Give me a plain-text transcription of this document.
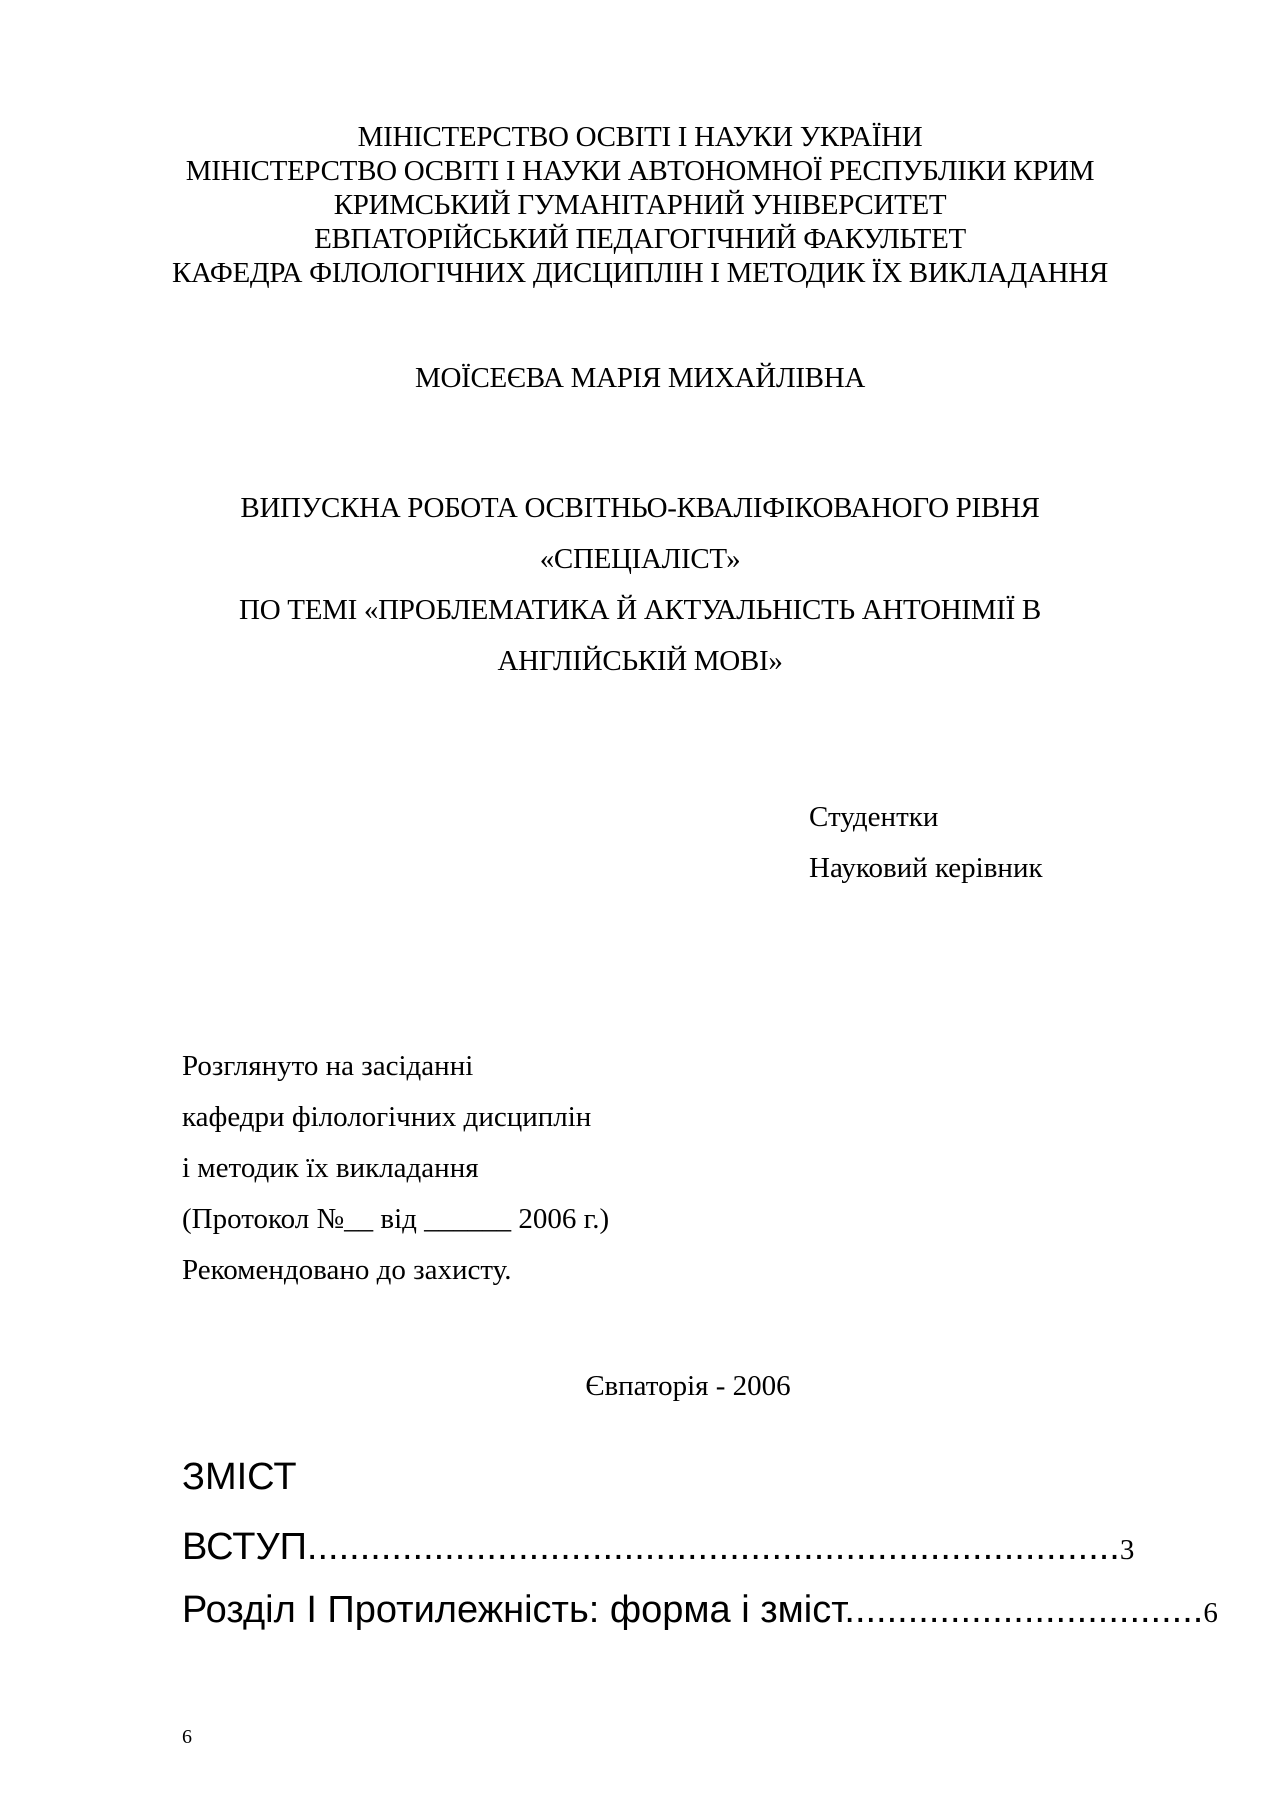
МІНІСТЕРСТВО ОСВІТІ І НАУКИ УКРАЇНИ
МІНІСТЕРСТВО ОСВІТІ І НАУКИ АВТОНОМНОЇ РЕСПУБЛІКИ КРИМ
КРИМСЬКИЙ ГУМАНІТАРНИЙ УНІВЕРСИТЕТ
ЕВПАТОРІЙСЬКИЙ ПЕДАГОГІЧНИЙ ФАКУЛЬТЕТ
КАФЕДРА ФІЛОЛОГІЧНИХ ДИСЦИПЛІН І МЕТОДИК ЇХ ВИКЛАДАННЯ
МОЇСЕЄВА МАРІЯ МИХАЙЛІВНА
ВИПУСКНА РОБОТА ОСВІТНЬО-КВАЛІФІКОВАНОГО РІВНЯ
«СПЕЦІАЛІСТ»
ПО ТЕМІ «ПРОБЛЕМАТИКА Й АКТУАЛЬНІСТЬ АНТОНІМІЇ В
АНГЛІЙСЬКІЙ МОВІ»
Студентки
Науковий керівник
Розглянуто на засіданні
кафедри філологічних дисциплін
і методик їх викладання
(Протокол №__ від ______ 2006 г.)
Рекомендовано до захисту.
Євпаторія - 2006
ЗМІСТ
ВСТУП.............................................................................3
Розділ І Протилежність: форма і зміст..................................6
6
